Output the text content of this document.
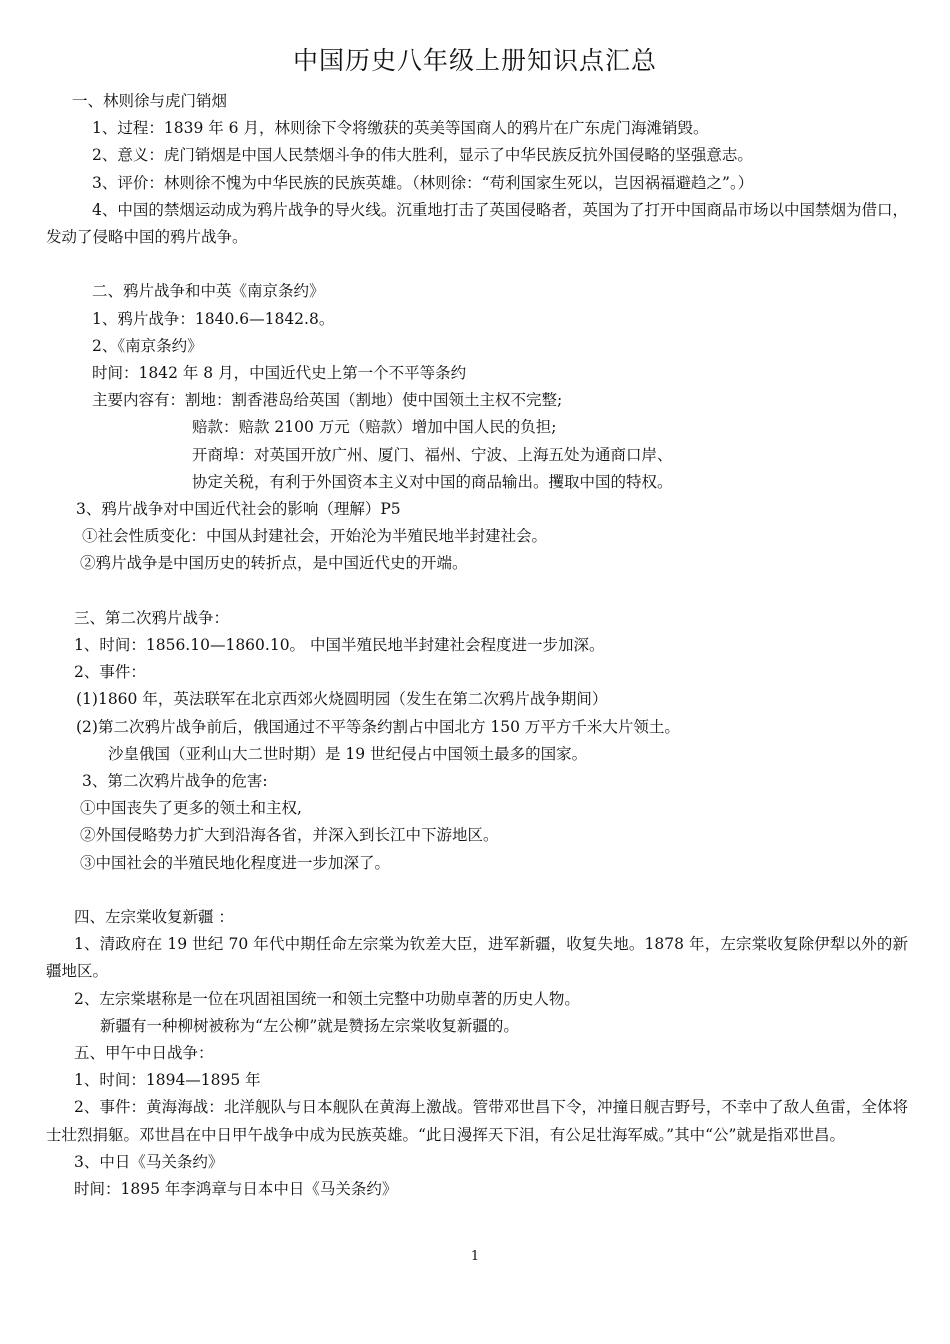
中国历史八年级上册知识点汇总

一、林则徐与虎门销烟

1、过程：1839 年 6 月，林则徐下令将缴获的英美等国商人的鸦片在广东虎门海滩销毁。

2、意义：虎门销烟是中国人民禁烟斗争的伟大胜利，显示了中华民族反抗外国侵略的坚强意志。

3、评价：林则徐不愧为中华民族的民族英雄。（林则徐：“苟利国家生死以，岂因祸福避趋之”。）

4、中国的禁烟运动成为鸦片战争的导火线。沉重地打击了英国侵略者，英国为了打开中国商品市场以中国禁烟为借口，发动了侵略中国的鸦片战争。

二、鸦片战争和中英《南京条约》

1、鸦片战争：1840.6—1842.8。

2、《南京条约》

时间：1842 年 8 月，中国近代史上第一个不平等条约

主要内容有：割地：割香港岛给英国（割地）使中国领土主权不完整;

赔款：赔款 2100 万元（赔款）增加中国人民的负担;

开商埠：对英国开放广州、厦门、福州、宁波、上海五处为通商口岸、

协定关税，有利于外国资本主义对中国的商品输出。攫取中国的特权。

3、鸦片战争对中国近代社会的影响（理解）P5

①社会性质变化：中国从封建社会，开始沦为半殖民地半封建社会。

②鸦片战争是中国历史的转折点，是中国近代史的开端。

三、第二次鸦片战争：

1、时间：1856.10—1860.10。 中国半殖民地半封建社会程度进一步加深。

2、事件：

(1)1860 年，英法联军在北京西郊火烧圆明园（发生在第二次鸦片战争期间）

(2)第二次鸦片战争前后，俄国通过不平等条约割占中国北方 150 万平方千米大片领土。

沙皇俄国（亚利山大二世时期）是 19 世纪侵占中国领土最多的国家。

3、第二次鸦片战争的危害:

①中国丧失了更多的领土和主权,

②外国侵略势力扩大到沿海各省，并深入到长江中下游地区。

③中国社会的半殖民地化程度进一步加深了。

四、左宗棠收复新疆 ：

1、清政府在 19 世纪 70 年代中期任命左宗棠为钦差大臣，进军新疆，收复失地。1878 年，左宗棠收复除伊犁以外的新疆地区。

2、左宗棠堪称是一位在巩固祖国统一和领土完整中功勋卓著的历史人物。

新疆有一种柳树被称为“左公柳”就是赞扬左宗棠收复新疆的。

五、甲午中日战争：

1、时间：1894—1895 年

2、事件：黄海海战：北洋舰队与日本舰队在黄海上激战。管带邓世昌下令，冲撞日舰吉野号，不幸中了敌人鱼雷，全体将士壮烈捐躯。邓世昌在中日甲午战争中成为民族英雄。“此日漫挥天下泪，有公足壮海军威。”其中“公”就是指邓世昌。

3、中日《马关条约》

时间：1895 年李鸿章与日本中日《马关条约》

1
